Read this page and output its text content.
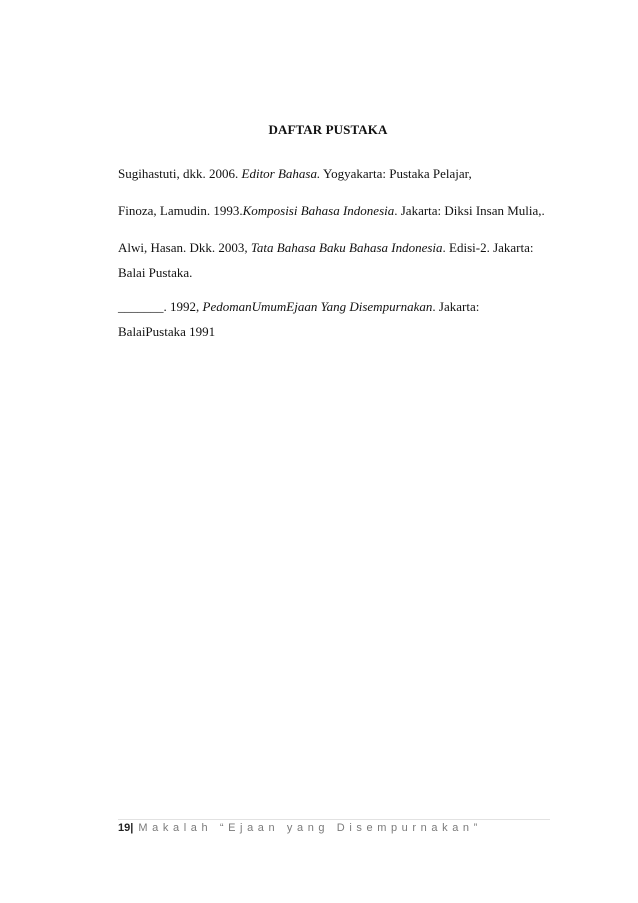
DAFTAR PUSTAKA
Sugihastuti, dkk. 2006. Editor Bahasa. Yogyakarta: Pustaka Pelajar,
Finoza, Lamudin. 1993.Komposisi Bahasa Indonesia. Jakarta: Diksi Insan Mulia,.
Alwi, Hasan. Dkk. 2003, Tata Bahasa Baku Bahasa Indonesia. Edisi-2. Jakarta:
Balai Pustaka.
_______. 1992, PedomanUmumEjaan Yang Disempurnakan. Jakarta:
BalaiPustaka 1991
19| Makalah “Ejaan yang Disempurnakan”
